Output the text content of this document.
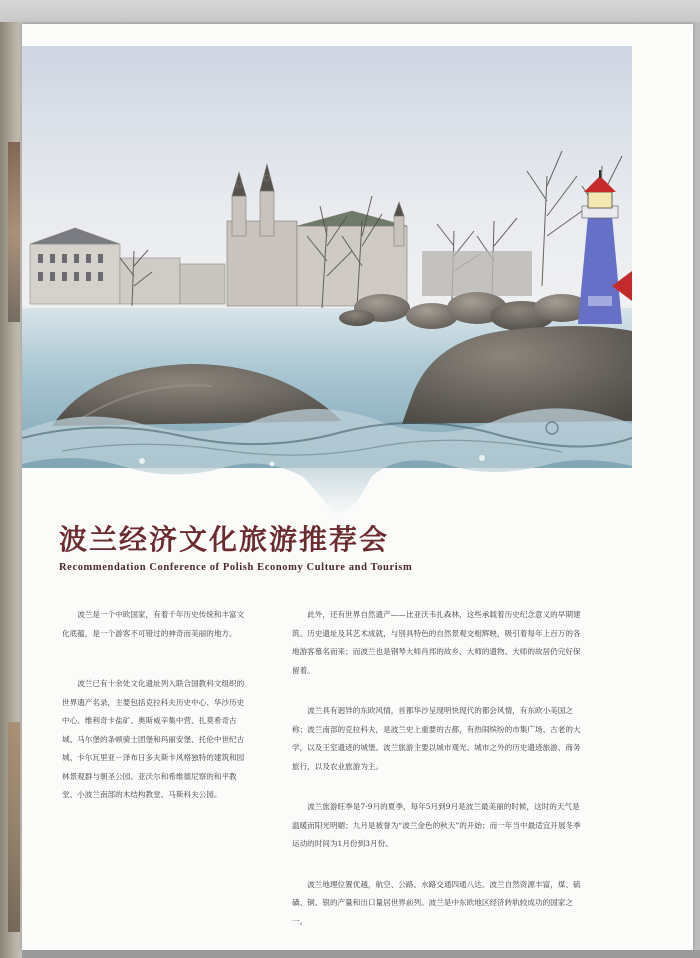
波兰经济文化旅游推荐会
Recommendation Conference of Polish Economy Culture and Tourism

波兰是一个中欧国家，有着千年历史传统和丰富文化底蕴，是一个游客不可错过的神奇而美丽的地方。

波兰已有十余处文化遗址列入联合国教科文组织的世界遗产名录，主要包括克拉科夫历史中心、华沙历史中心、维利奇卡盐矿、奥斯威辛集中营、扎莫希奇古城、马尔堡的条顿骑士团堡和玛丽安堡、托伦中世纪古城、卡尔瓦里亚－泽布日多夫斯卡风格独特的建筑和园林景观群与朝圣公园、亚沃尔和希维德尼察的和平教堂、小波兰南部的木结构教堂、马斯科夫公园。

此外，还有世界自然遗产——比亚沃韦扎森林，这些承载着历史纪念意义的早期建筑、历史遗址及其艺术成就，与別具特色的自然景观交相辉映，吸引着每年上百万的各地游客慕名而来；而波兰也是钢琴大师肖邦的故乡、大师的遗物、大师的故居仍完好保留着。

波兰具有迥异的东欧风情，首都华沙呈现明快现代的都会风情，有东欧小美国之称；波兰南部的克拉科夫，是波兰史上重要的古都，有热闹缤纷的市集广场、古老的大学，以及王室遗迹的城堡。波兰旅游主要以城市观光、城市之外的历史遗迹旅游、商务旅行，以及农业旅游为主。

波兰旅游旺季是7-9月的夏季，每年5月到9月是波兰最美丽的时候，这时的天气是温暖而阳光明媚；九月是被誉为“波兰金色的秋天”的开始；而一年当中最适宜开展冬季运动的时间为1月份到3月份。

波兰地理位置优越，航空、公路、水路交通四通八达。波兰自然资源丰富，煤、硫磺、铜、银的产量和出口量居世界前列。波兰是中东欧地区经济转轨较成功的国家之一。
